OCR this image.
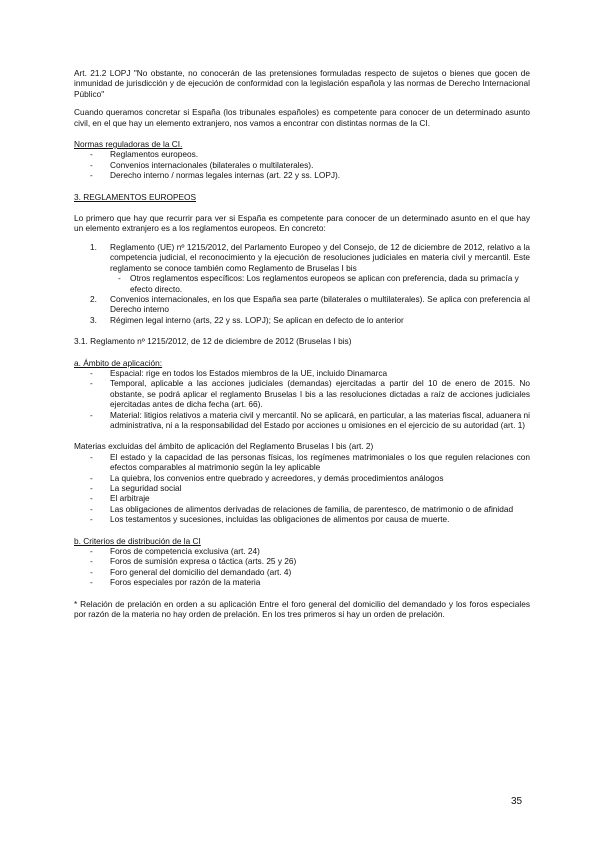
Art. 21.2 LOPJ "No obstante, no conocerán de las pretensiones formuladas respecto de sujetos o bienes que gocen de inmunidad de jurisdicción y de ejecución de conformidad con la legislación española y las normas de Derecho Internacional Público"

Cuando queramos concretar si España (los tribunales españoles) es competente para conocer de un determinado asunto civil, en el que hay un elemento extranjero, nos vamos a encontrar con distintas normas de la CI.

Normas reguladoras de la CI.

- Reglamentos europeos.
- Convenios internacionales (bilaterales o multilaterales).
- Derecho interno / normas legales internas (art. 22 y ss. LOPJ).

3. REGLAMENTOS EUROPEOS

Lo primero que hay que recurrir para ver si España es competente para conocer de un determinado asunto en el que hay un elemento extranjero es a los reglamentos europeos. En concreto:

1. Reglamento (UE) nº 1215/2012, del Parlamento Europeo y del Consejo, de 12 de diciembre de 2012, relativo a la competencia judicial, el reconocimiento y la ejecución de resoluciones judiciales en materia civil y mercantil. Este reglamento se conoce también como Reglamento de Bruselas I bis
- Otros reglamentos específicos: Los reglamentos europeos se aplican con preferencia, dada su primacía y efecto directo.
2. Convenios internacionales, en los que España sea parte (bilaterales o multilaterales). Se aplica con preferencia al Derecho interno
3. Régimen legal interno (arts, 22 y ss. LOPJ); Se aplican en defecto de lo anterior

3.1. Reglamento nº 1215/2012, de 12 de diciembre de 2012 (Bruselas I bis)

a. Ámbito de aplicación:

- Espacial: rige en todos los Estados miembros de la UE, incluido Dinamarca
- Temporal, aplicable a las acciones judiciales (demandas) ejercitadas a partir del 10 de enero de 2015. No obstante, se podrá aplicar el reglamento Bruselas I bis a las resoluciones dictadas a raíz de acciones judiciales ejercitadas antes de dicha fecha (art. 66).
- Material: litigios relativos a materia civil y mercantil. No se aplicará, en particular, a las materias fiscal, aduanera ni administrativa, ni a la responsabilidad del Estado por acciones u omisiones en el ejercicio de su autoridad (art. 1)

Materias excluidas del ámbito de aplicación del Reglamento Bruselas I bis (art. 2)

- El estado y la capacidad de las personas físicas, los regímenes matrimoniales o los que regulen relaciones con efectos comparables al matrimonio según la ley aplicable
- La quiebra, los convenios entre quebrado y acreedores, y demás procedimientos análogos
- La seguridad social
- El arbitraje
- Las obligaciones de alimentos derivadas de relaciones de familia, de parentesco, de matrimonio o de afinidad
- Los testamentos y sucesiones, incluidas las obligaciones de alimentos por causa de muerte.

b. Criterios de distribución de la CI

- Foros de competencia exclusiva (art. 24)
- Foros de sumisión expresa o táctica (arts. 25 y 26)
- Foro general del domicilio del demandado (art. 4)
- Foros especiales por razón de la materia

* Relación de prelación en orden a su aplicación Entre el foro general del domicilio del demandado y los foros especiales por razón de la materia no hay orden de prelación. En los tres primeros si hay un orden de prelación.

35
